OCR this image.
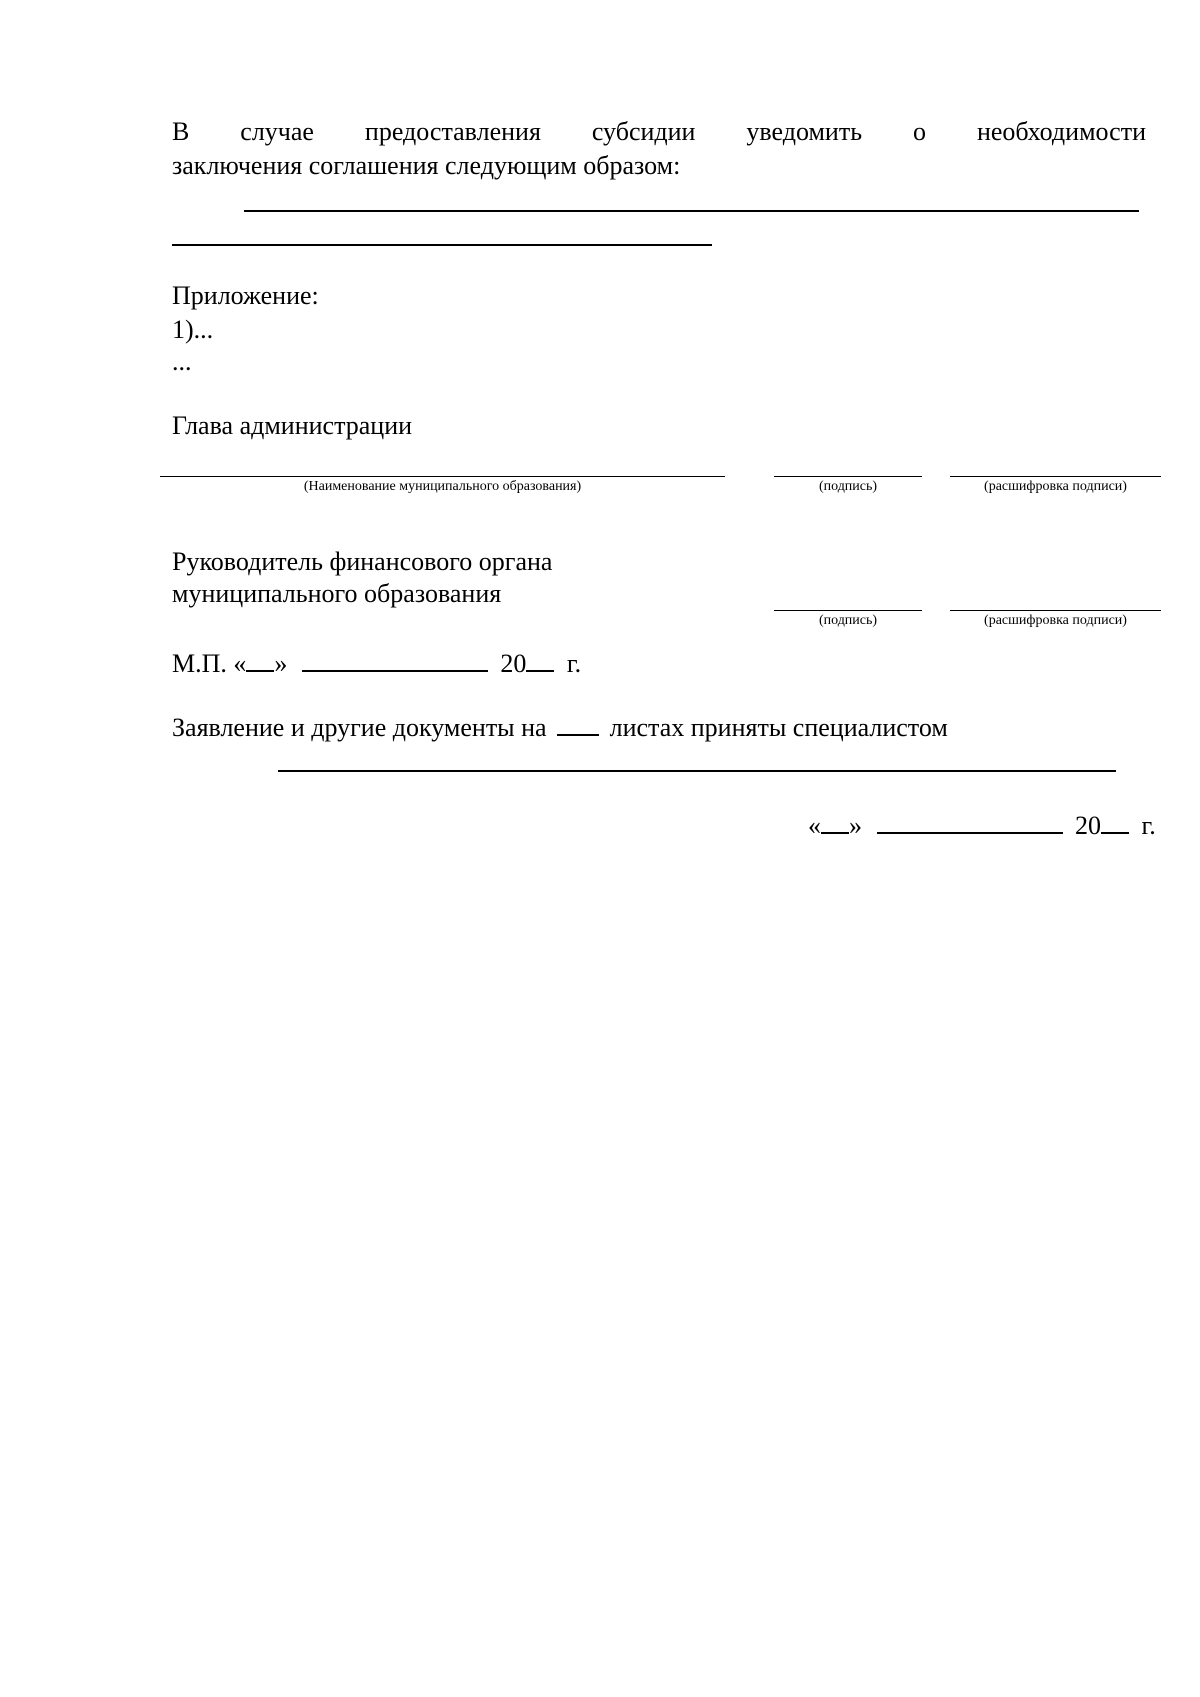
В случае предоставления субсидии уведомить о необходимости
заключения соглашения следующим образом:
Приложение:
1)...
...
Глава администрации
(Наименование муниципального образования)	(подпись)	(расшифровка подписи)
Руководитель финансового органа
муниципального образования
(подпись)	(расшифровка подписи)
М.П. « »	20 г.
Заявление и другие документы на листах приняты специалистом
« »	20 г.
